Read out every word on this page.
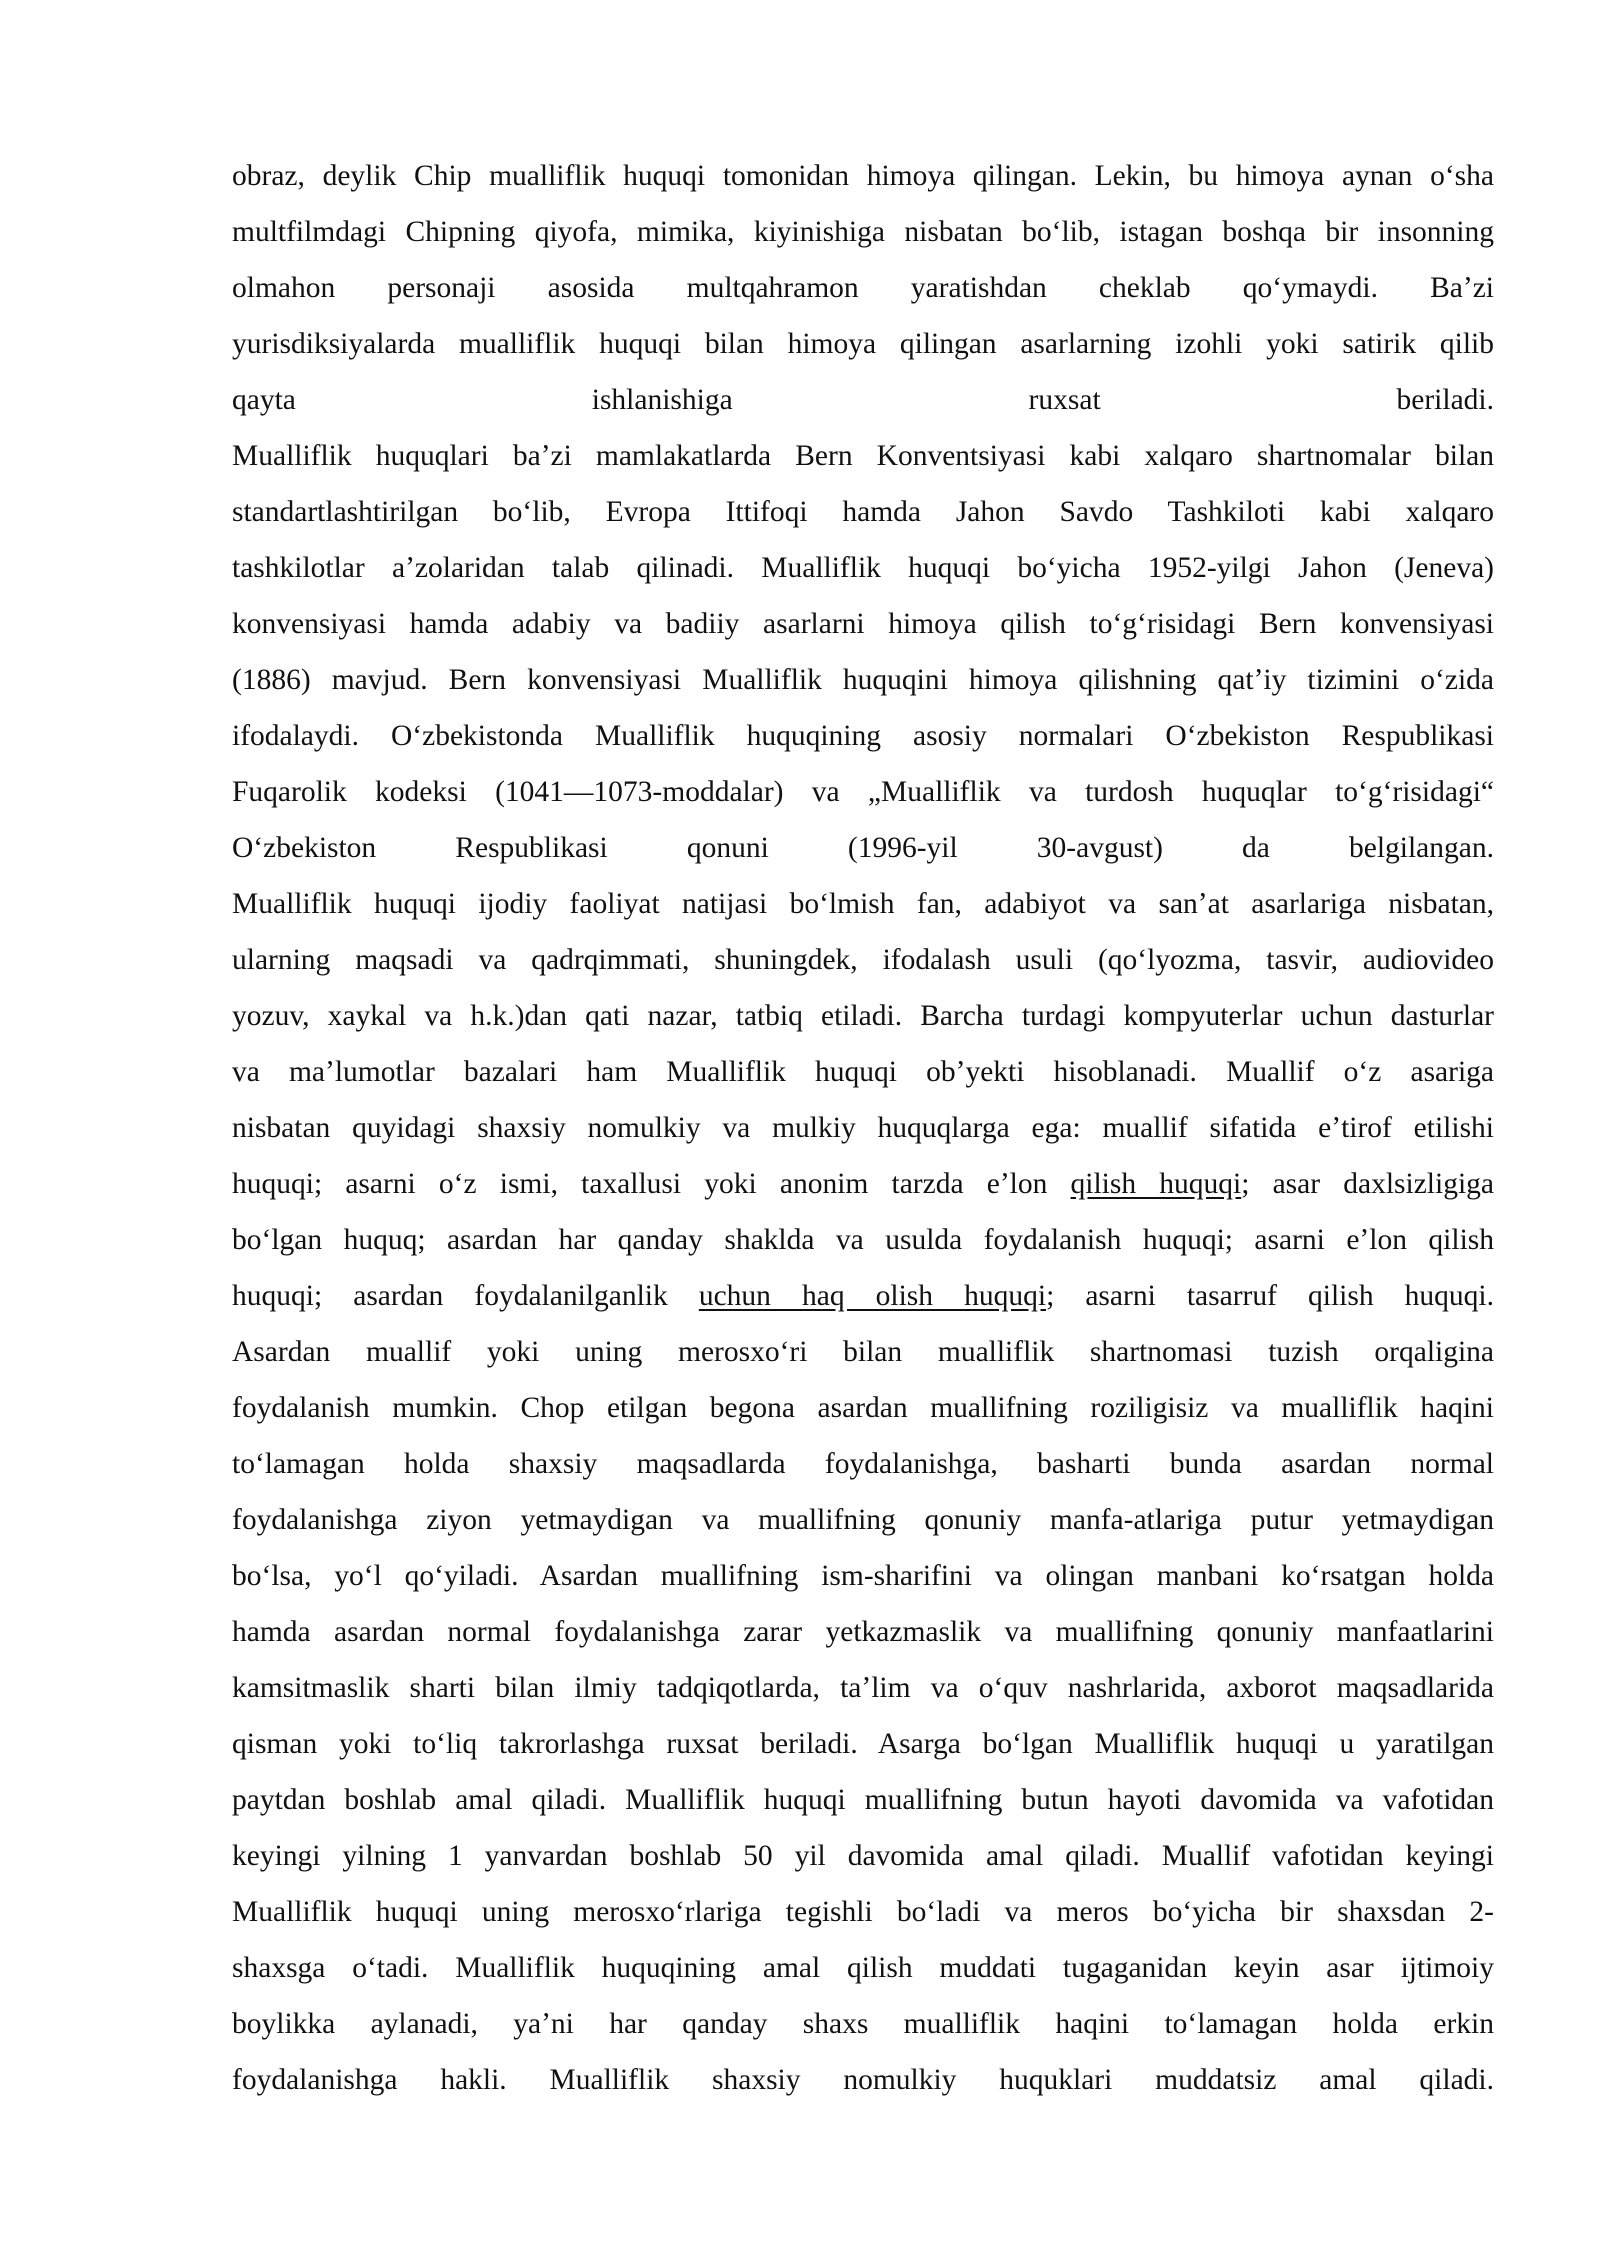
obraz, deylik Chip mualliflik huquqi tomonidan himoya qilingan. Lekin, bu himoya aynan oʻsha
multfilmdagi Chipning qiyofa, mimika, kiyinishiga nisbatan boʻlib, istagan boshqa bir insonning
olmahon personaji asosida multqahramon yaratishdan cheklab qoʻymaydi. Baʼzi
yurisdiksiyalarda mualliflik huquqi bilan himoya qilingan asarlarning izohli yoki satirik qilib
qayta ishlanishiga ruxsat beriladi.
Mualliflik huquqlari baʼzi mamlakatlarda Bern Konventsiyasi kabi xalqaro shartnomalar bilan
standartlashtirilgan boʻlib, Evropa Ittifoqi hamda Jahon Savdo Tashkiloti kabi xalqaro
tashkilotlar aʼzolaridan talab qilinadi. Mualliflik huquqi boʻyicha 1952-yilgi Jahon (Jeneva)
konvensiyasi hamda adabiy va badiiy asarlarni himoya qilish toʻgʻrisidagi Bern konvensiyasi
(1886) mavjud. Bern konvensiyasi Mualliflik huquqini himoya qilishning qatʼiy tizimini oʻzida
ifodalaydi. Oʻzbekistonda Mualliflik huquqining asosiy normalari Oʻzbekiston Respublikasi
Fuqarolik kodeksi (1041—1073-moddalar) va „Mualliflik va turdosh huquqlar toʻgʻrisidagi“
Oʻzbekiston Respublikasi qonuni (1996-yil 30-avgust) da belgilangan.
Mualliflik huquqi ijodiy faoliyat natijasi boʻlmish fan, adabiyot va sanʼat asarlariga nisbatan,
ularning maqsadi va qadrqimmati, shuningdek, ifodalash usuli (qoʻlyozma, tasvir, audiovideo
yozuv, xaykal va h.k.)dan qati nazar, tatbiq etiladi. Barcha turdagi kompyuterlar uchun dasturlar
va maʼlumotlar bazalari ham Mualliflik huquqi obʼyekti hisoblanadi. Muallif oʻz asariga
nisbatan quyidagi shaxsiy nomulkiy va mulkiy huquqlarga ega: muallif sifatida eʼtirof etilishi
huquqi; asarni oʻz ismi, taxallusi yoki anonim tarzda eʼlon qilish huquqi; asar daxlsizligiga
boʻlgan huquq; asardan har qanday shaklda va usulda foydalanish huquqi; asarni eʼlon qilish
huquqi; asardan foydalanilganlik uchun haq olish huquqi; asarni tasarruf qilish huquqi.
Asardan muallif yoki uning merosxoʻri bilan mualliflik shartnomasi tuzish orqaligina
foydalanish mumkin. Chop etilgan begona asardan muallifning roziligisiz va mualliflik haqini
toʻlamagan holda shaxsiy maqsadlarda foydalanishga, basharti bunda asardan normal
foydalanishga ziyon yetmaydigan va muallifning qonuniy manfa-atlariga putur yetmaydigan
boʻlsa, yoʻl qoʻyiladi. Asardan muallifning ism-sharifini va olingan manbani koʻrsatgan holda
hamda asardan normal foydalanishga zarar yetkazmaslik va muallifning qonuniy manfaatlarini
kamsitmaslik sharti bilan ilmiy tadqiqotlarda, taʼlim va oʻquv nashrlarida, axborot maqsadlarida
qisman yoki toʻliq takrorlashga ruxsat beriladi. Asarga boʻlgan Mualliflik huquqi u yaratilgan
paytdan boshlab amal qiladi. Mualliflik huquqi muallifning butun hayoti davomida va vafotidan
keyingi yilning 1 yanvardan boshlab 50 yil davomida amal qiladi. Muallif vafotidan keyingi
Mualliflik huquqi uning merosxoʻrlariga tegishli boʻladi va meros boʻyicha bir shaxsdan 2-
shaxsga oʻtadi. Mualliflik huquqining amal qilish muddati tugaganidan keyin asar ijtimoiy
boylikka aylanadi, yaʼni har qanday shaxs mualliflik haqini toʻlamagan holda erkin
foydalanishga hakli. Mualliflik shaxsiy nomulkiy huquklari muddatsiz amal qiladi.
